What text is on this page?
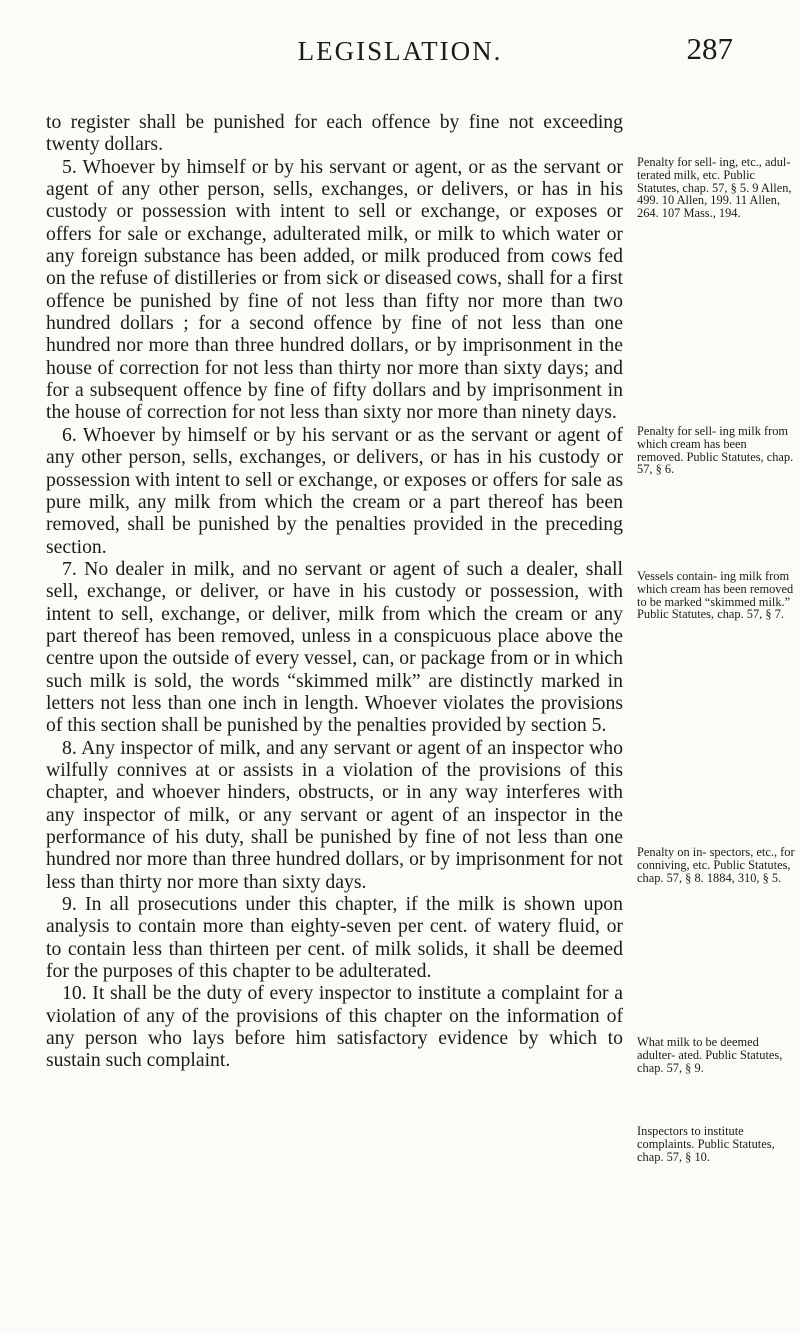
LEGISLATION.	287

to register shall be punished for each offence by fine not exceeding twenty dollars.

5. Whoever by himself or by his servant or agent, or as the servant or agent of any other person, sells, exchanges, or delivers, or has in his custody or possession with intent to sell or exchange, or exposes or offers for sale or exchange, adulterated milk, or milk to which water or any foreign substance has been added, or milk produced from cows fed on the refuse of distilleries or from sick or diseased cows, shall for a first offence be punished by fine of not less than fifty nor more than two hundred dollars ; for a second offence by fine of not less than one hundred nor more than three hundred dollars, or by imprisonment in the house of correction for not less than thirty nor more than sixty days; and for a subsequent offence by fine of fifty dollars and by imprisonment in the house of correction for not less than sixty nor more than ninety days.

6. Whoever by himself or by his servant or as the servant or agent of any other person, sells, exchanges, or delivers, or has in his custody or possession with intent to sell or exchange, or exposes or offers for sale as pure milk, any milk from which the cream or a part thereof has been removed, shall be punished by the penalties provided in the preceding section.

7. No dealer in milk, and no servant or agent of such a dealer, shall sell, exchange, or deliver, or have in his custody or possession, with intent to sell, exchange, or deliver, milk from which the cream or any part thereof has been removed, unless in a conspicuous place above the centre upon the outside of every vessel, can, or package from or in which such milk is sold, the words “skimmed milk” are distinctly marked in letters not less than one inch in length. Whoever violates the provisions of this section shall be punished by the penalties provided by section 5.

8. Any inspector of milk, and any servant or agent of an inspector who wilfully connives at or assists in a violation of the provisions of this chapter, and whoever hinders, obstructs, or in any way interferes with any inspector of milk, or any servant or agent of an inspector in the performance of his duty, shall be punished by fine of not less than one hundred nor more than three hundred dollars, or by imprisonment for not less than thirty nor more than sixty days.

9. In all prosecutions under this chapter, if the milk is shown upon analysis to contain more than eighty-seven per cent. of watery fluid, or to contain less than thirteen per cent. of milk solids, it shall be deemed for the purposes of this chapter to be adulterated.

10. It shall be the duty of every inspector to institute a complaint for a violation of any of the provisions of this chapter on the information of any person who lays before him satisfactory evidence by which to sustain such complaint.

Penalty for sell- ing, etc., adul- terated milk, etc. Public Statutes, chap. 57, § 5. 9 Allen, 499. 10 Allen, 199. 11 Allen, 264. 107 Mass., 194.
Penalty for sell- ing milk from which cream has been removed. Public Statutes, chap. 57, § 6.
Vessels contain- ing milk from which cream has been removed to be marked “skimmed milk.” Public Statutes, chap. 57, § 7.
Penalty on in- spectors, etc., for conniving, etc. Public Statutes, chap. 57, § 8. 1884, 310, § 5.
What milk to be deemed adulter- ated. Public Statutes, chap. 57, § 9.
Inspectors to institute complaints. Public Statutes, chap. 57, § 10.
